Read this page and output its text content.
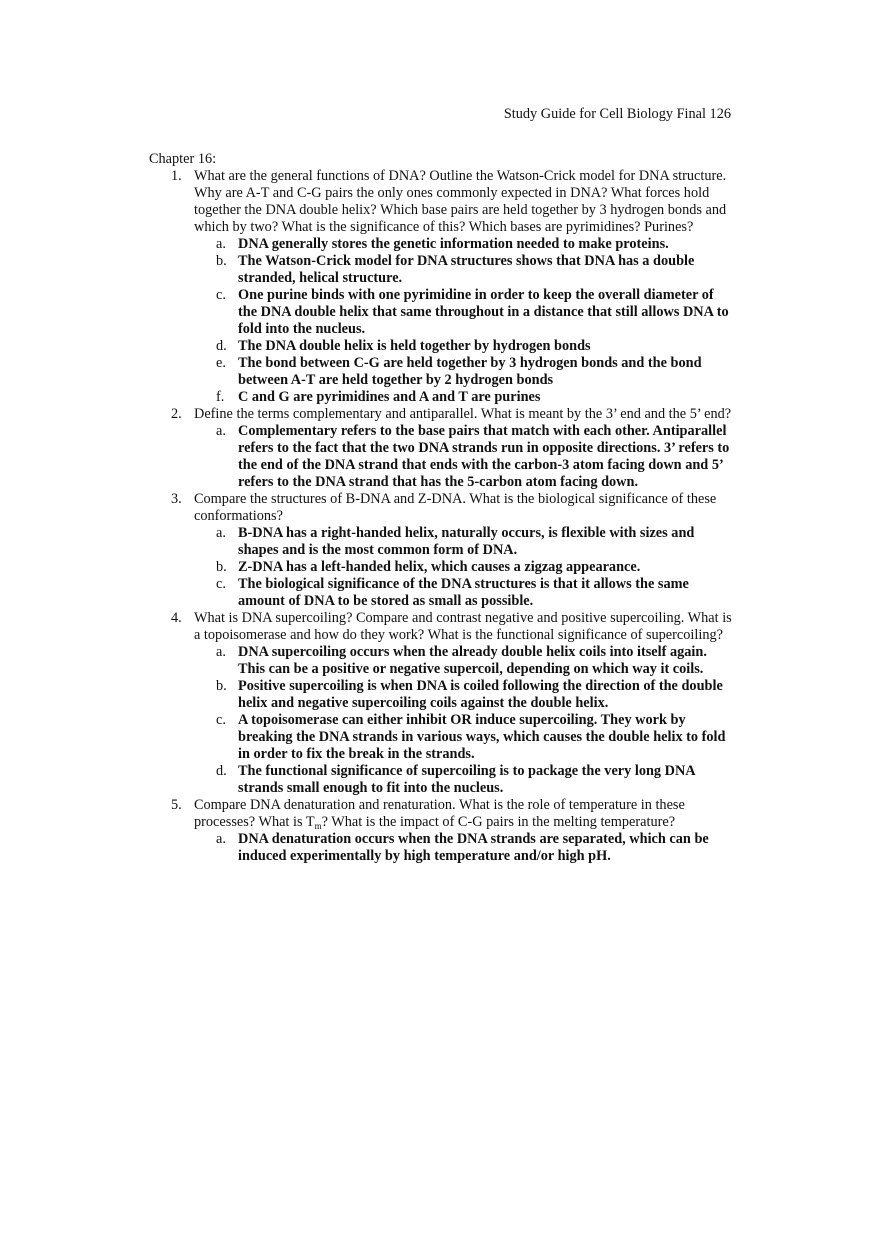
Study Guide for Cell Biology Final 126
Chapter 16:
1. What are the general functions of DNA? Outline the Watson-Crick model for DNA structure. Why are A-T and C-G pairs the only ones commonly expected in DNA? What forces hold together the DNA double helix? Which base pairs are held together by 3 hydrogen bonds and which by two? What is the significance of this? Which bases are pyrimidines? Purines?
a. DNA generally stores the genetic information needed to make proteins.
b. The Watson-Crick model for DNA structures shows that DNA has a double stranded, helical structure.
c. One purine binds with one pyrimidine in order to keep the overall diameter of the DNA double helix that same throughout in a distance that still allows DNA to fold into the nucleus.
d. The DNA double helix is held together by hydrogen bonds
e. The bond between C-G are held together by 3 hydrogen bonds and the bond between A-T are held together by 2 hydrogen bonds
f. C and G are pyrimidines and A and T are purines
2. Define the terms complementary and antiparallel. What is meant by the 3’ end and the 5’ end?
a. Complementary refers to the base pairs that match with each other. Antiparallel refers to the fact that the two DNA strands run in opposite directions. 3’ refers to the end of the DNA strand that ends with the carbon-3 atom facing down and 5’ refers to the DNA strand that has the 5-carbon atom facing down.
3. Compare the structures of B-DNA and Z-DNA. What is the biological significance of these conformations?
a. B-DNA has a right-handed helix, naturally occurs, is flexible with sizes and shapes and is the most common form of DNA.
b. Z-DNA has a left-handed helix, which causes a zigzag appearance.
c. The biological significance of the DNA structures is that it allows the same amount of DNA to be stored as small as possible.
4. What is DNA supercoiling? Compare and contrast negative and positive supercoiling. What is a topoisomerase and how do they work? What is the functional significance of supercoiling?
a. DNA supercoiling occurs when the already double helix coils into itself again. This can be a positive or negative supercoil, depending on which way it coils.
b. Positive supercoiling is when DNA is coiled following the direction of the double helix and negative supercoiling coils against the double helix.
c. A topoisomerase can either inhibit OR induce supercoiling. They work by breaking the DNA strands in various ways, which causes the double helix to fold in order to fix the break in the strands.
d. The functional significance of supercoiling is to package the very long DNA strands small enough to fit into the nucleus.
5. Compare DNA denaturation and renaturation. What is the role of temperature in these processes? What is $T_m$? What is the impact of C-G pairs in the melting temperature?
a. DNA denaturation occurs when the DNA strands are separated, which can be induced experimentally by high temperature and/or high pH.
